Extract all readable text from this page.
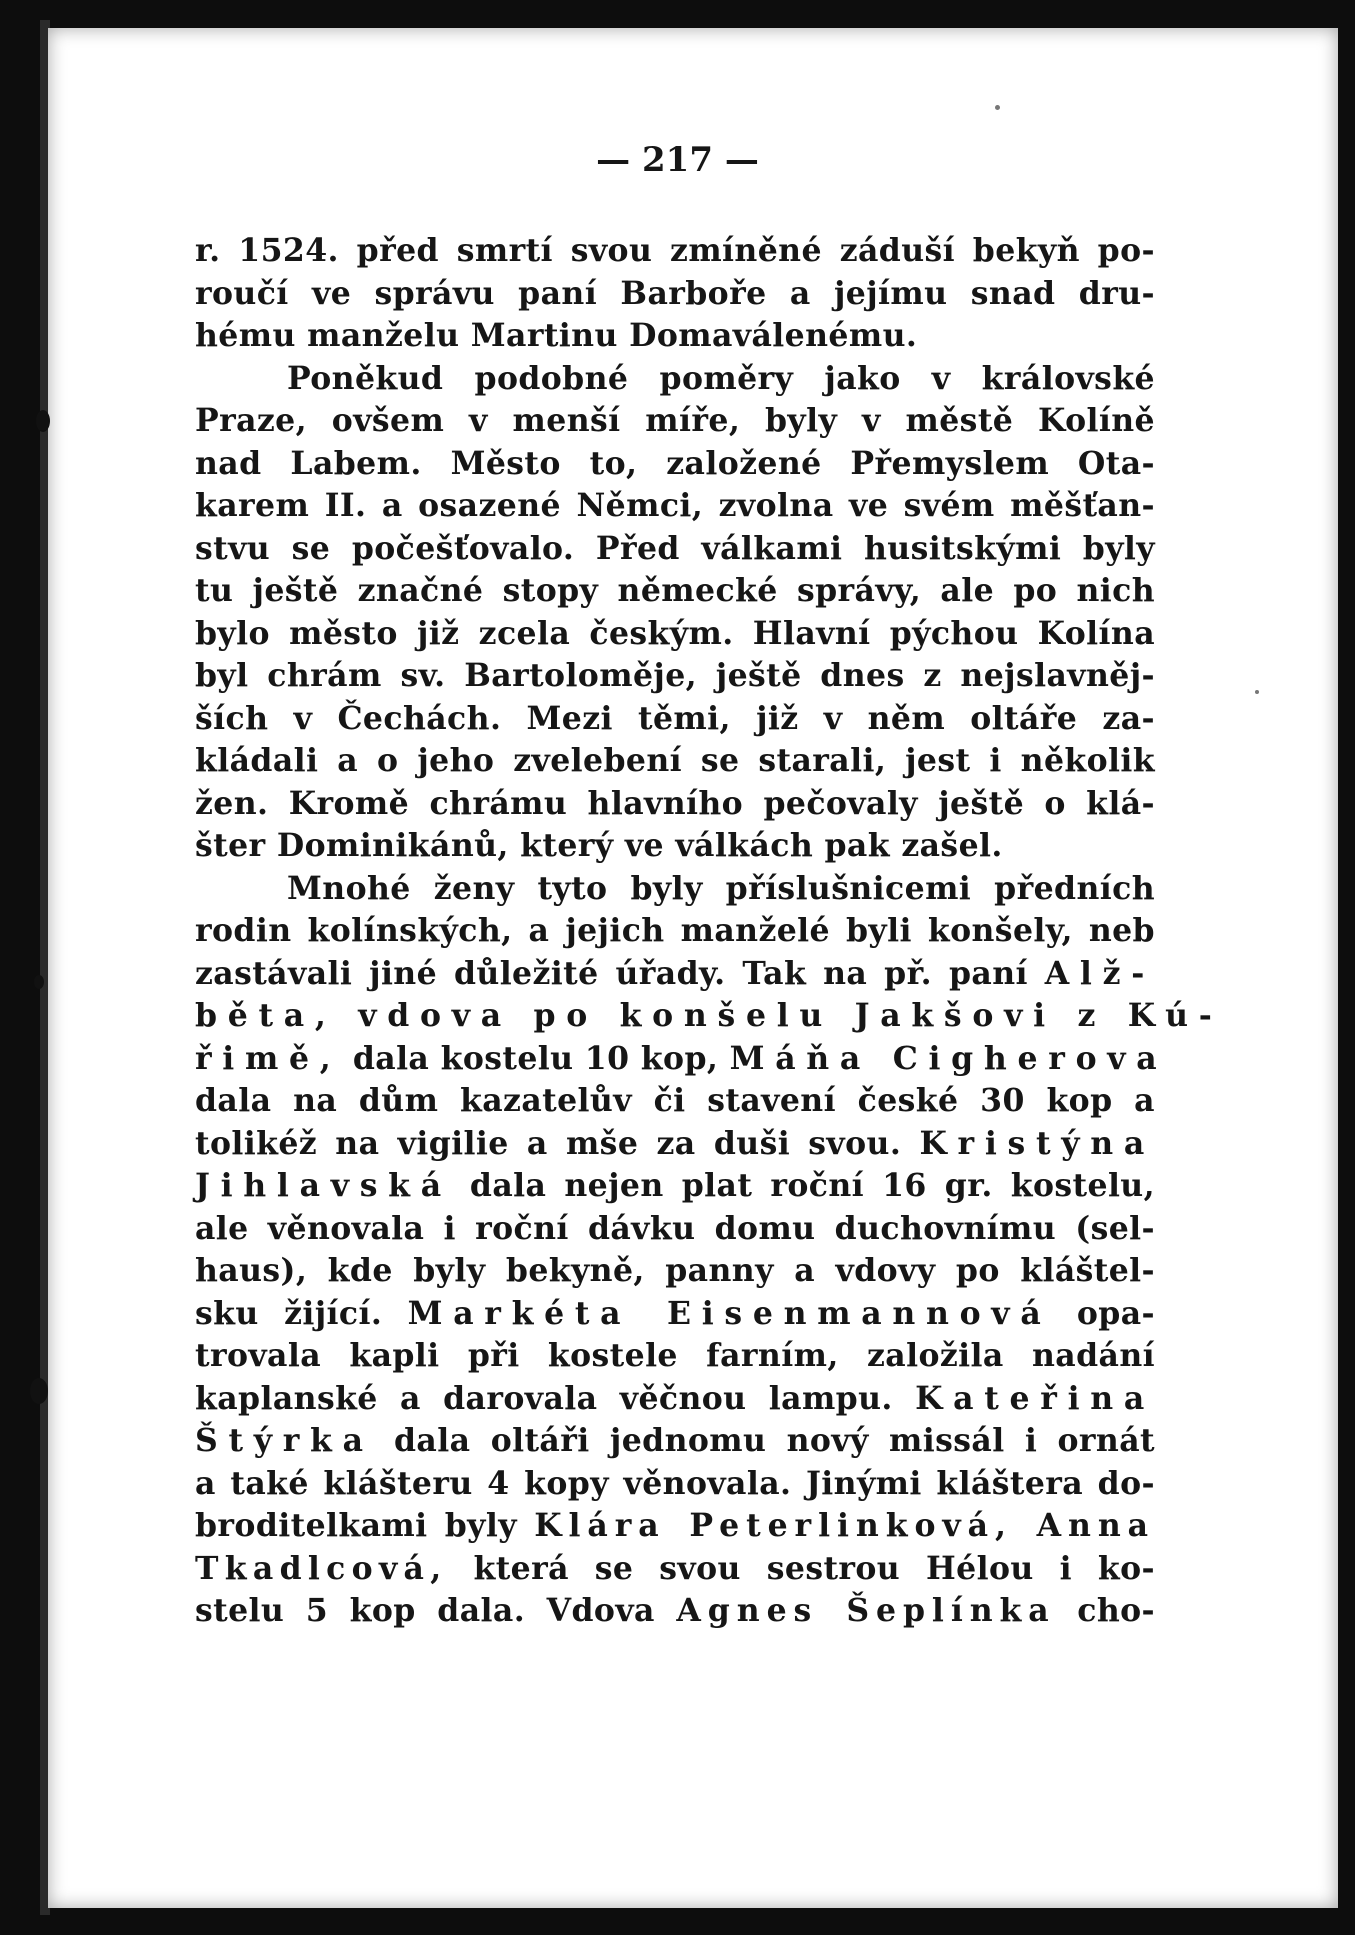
— 217 —
r. 1524. před smrtí svou zmíněné záduší bekyň po-
roučí ve správu paní Barboře a jejímu snad dru-
hému manželu Martinu Domaválenému.
Poněkud podobné poměry jako v královské
Praze, ovšem v menší míře, byly v městě Kolíně
nad Labem. Město to, založené Přemyslem Ota-
karem II. a osazené Němci, zvolna ve svém měšťan-
stvu se počešťovalo. Před válkami husitskými byly
tu ještě značné stopy německé správy, ale po nich
bylo město již zcela českým. Hlavní pýchou Kolína
byl chrám sv. Bartoloměje, ještě dnes z nejslavněj-
ších v Čechách. Mezi těmi, již v něm oltáře za-
kládali a o jeho zvelebení se starali, jest i několik
žen. Kromě chrámu hlavního pečovaly ještě o klá-
šter Dominikánů, který ve válkách pak zašel.
Mnohé ženy tyto byly příslušnicemi předních
rodin kolínských, a jejich manželé byli konšely, neb
zastávali jiné důležité úřady. Tak na př. paní Alž-
běta, vdova po konšelu Jakšovi z Kú-
řimě, dala kostelu 10 kop, Máňa Cigherova
dala na dům kazatelův či stavení české 30 kop a
tolikéž na vigilie a mše za duši svou. Kristýna
Jihlavská dala nejen plat roční 16 gr. kostelu,
ale věnovala i roční dávku domu duchovnímu (sel-
haus), kde byly bekyně, panny a vdovy po kláštel-
sku žijící. Markéta Eisenmannová opa-
trovala kapli při kostele farním, založila nadání
kaplanské a darovala věčnou lampu. Kateřina
Štýrka dala oltáři jednomu nový missál i ornát
a také klášteru 4 kopy věnovala. Jinými kláštera do-
broditelkami byly Klára Peterlinková, Anna
Tkadlcová, která se svou sestrou Hélou i ko-
stelu 5 kop dala. Vdova Agnes Šeplínka cho-
